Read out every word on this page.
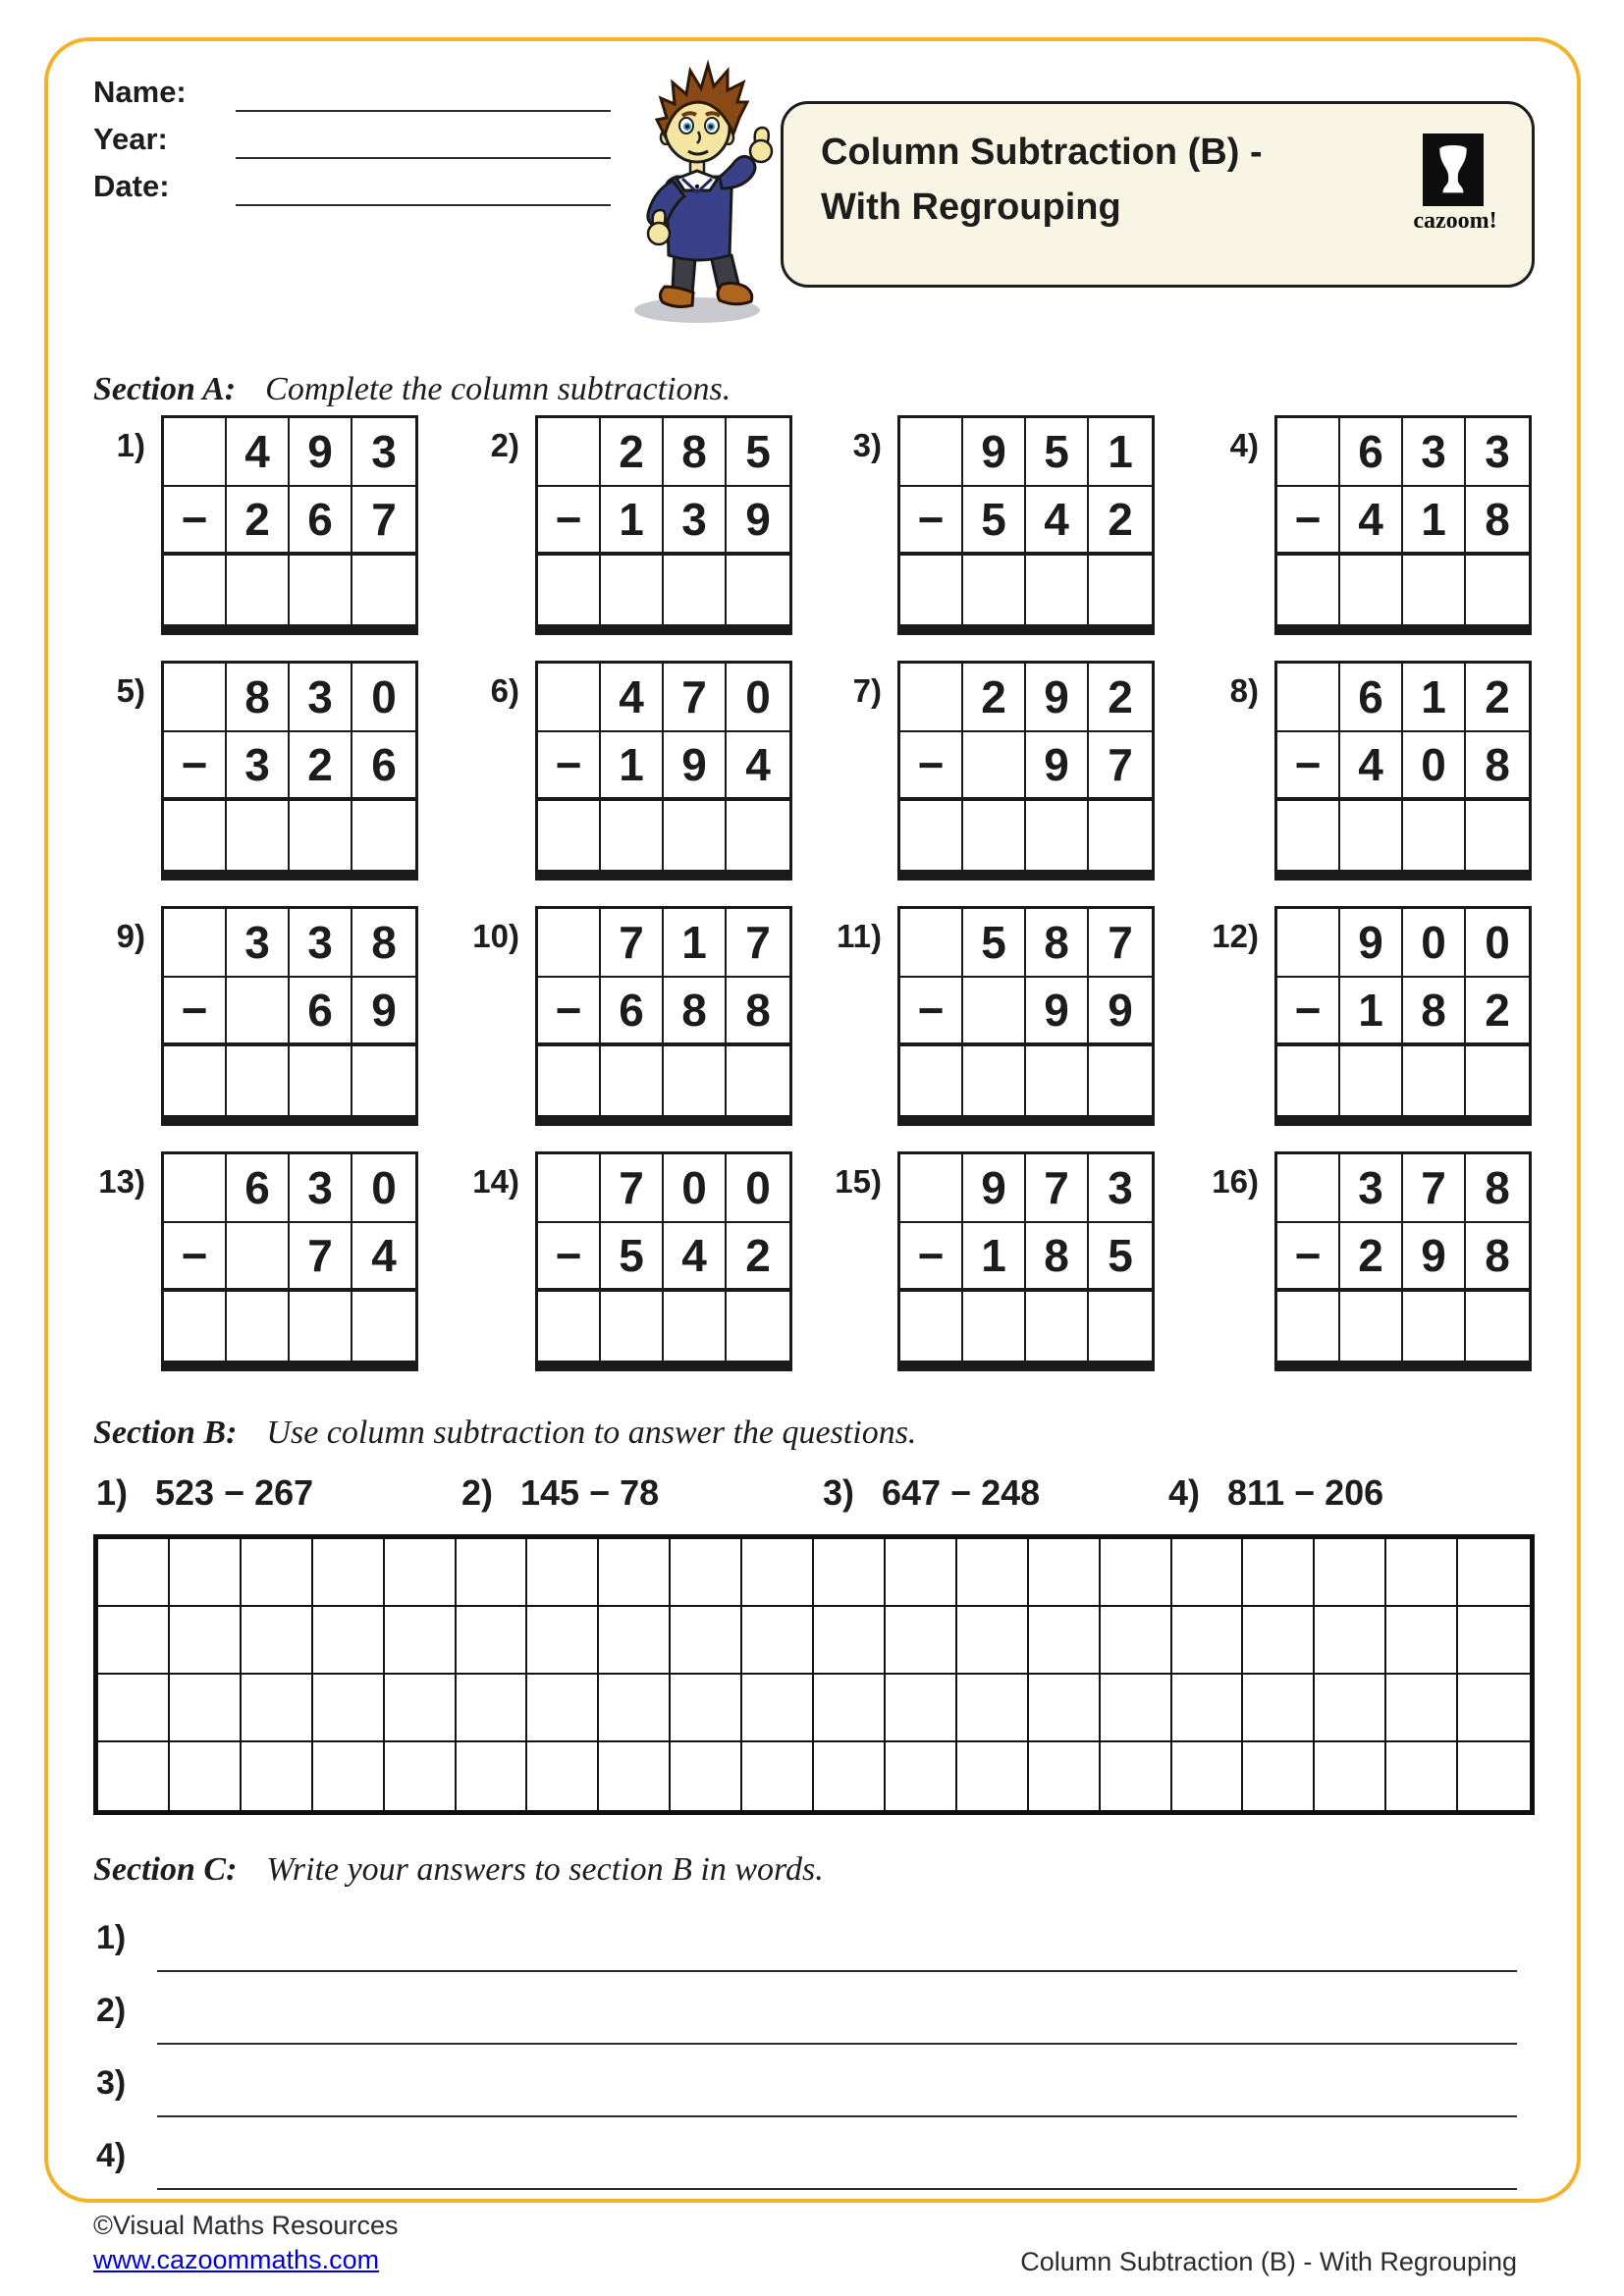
Name:
Year:
Date:
Column Subtraction (B) -
With Regrouping	cazoom!
Section A: Complete the column subtractions.
1)	4 9 3
− 2 6 7
2)	2 8 5
− 1 3 9
3)	9 5 1
− 5 4 2
4)	6 3 3
− 4 1 8
5)	8 3 0
− 3 2 6
6)	4 7 0
− 1 9 4
7)	2 9 2
−	9 7
8)	6 1 2
− 4 0 8
9)	3 3 8
−	6 9
10)	7 1 7
− 6 8 8
11)	5 8 7
−	9 9
12)	9 0 0
− 1 8 2
13)	6 3 0
−	7 4
14)	7 0 0
− 5 4 2
15)	9 7 3
− 1 8 5
16)	3 7 8
− 2 9 8
Section B: Use column subtraction to answer the questions.
1) 523 − 267	2) 145 − 78	3) 647 − 248	4) 811 − 206
Section C: Write your answers to section B in words.
1)
2)
3)
4)
©Visual Maths Resources
www.cazoommaths.com	Column Subtraction (B) - With Regrouping
